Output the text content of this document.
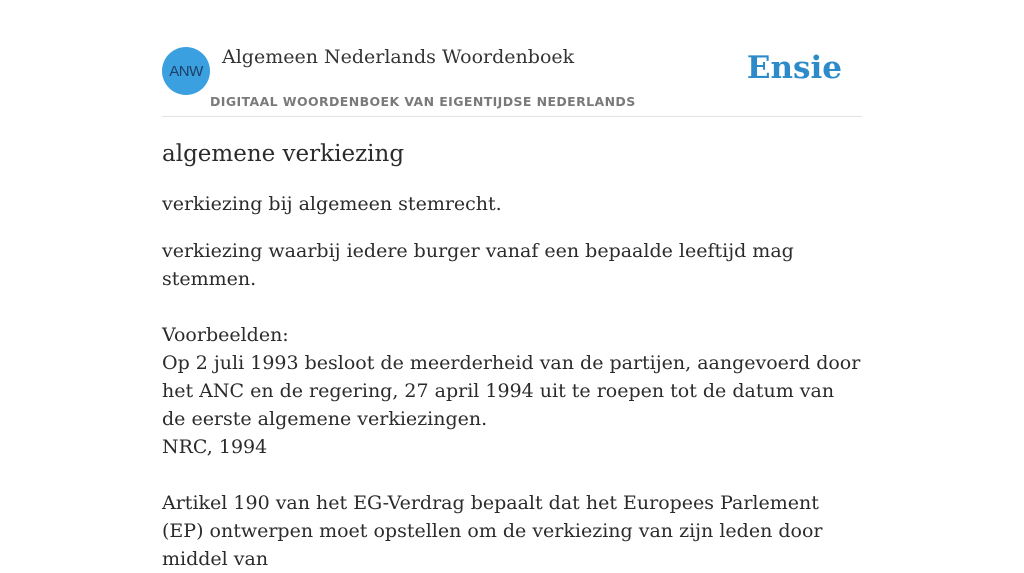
ANW
Algemeen Nederlands Woordenboek
DIGITAAL WOORDENBOEK VAN EIGENTIJDSE NEDERLANDS
Ensie
algemene verkiezing

verkiezing bij algemeen stemrecht.

verkiezing waarbij iedere burger vanaf een bepaalde leeftijd mag stemmen.

Voorbeelden:
Op 2 juli 1993 besloot de meerderheid van de partijen, aangevoerd door het ANC en de regering, 27 april 1994 uit te roepen tot de datum van de eerste algemene verkiezingen.
NRC, 1994
Artikel 190 van het EG-Verdrag bepaalt dat het Europees Parlement (EP) ontwerpen moet opstellen om de verkiezing van zijn leden door middel van
